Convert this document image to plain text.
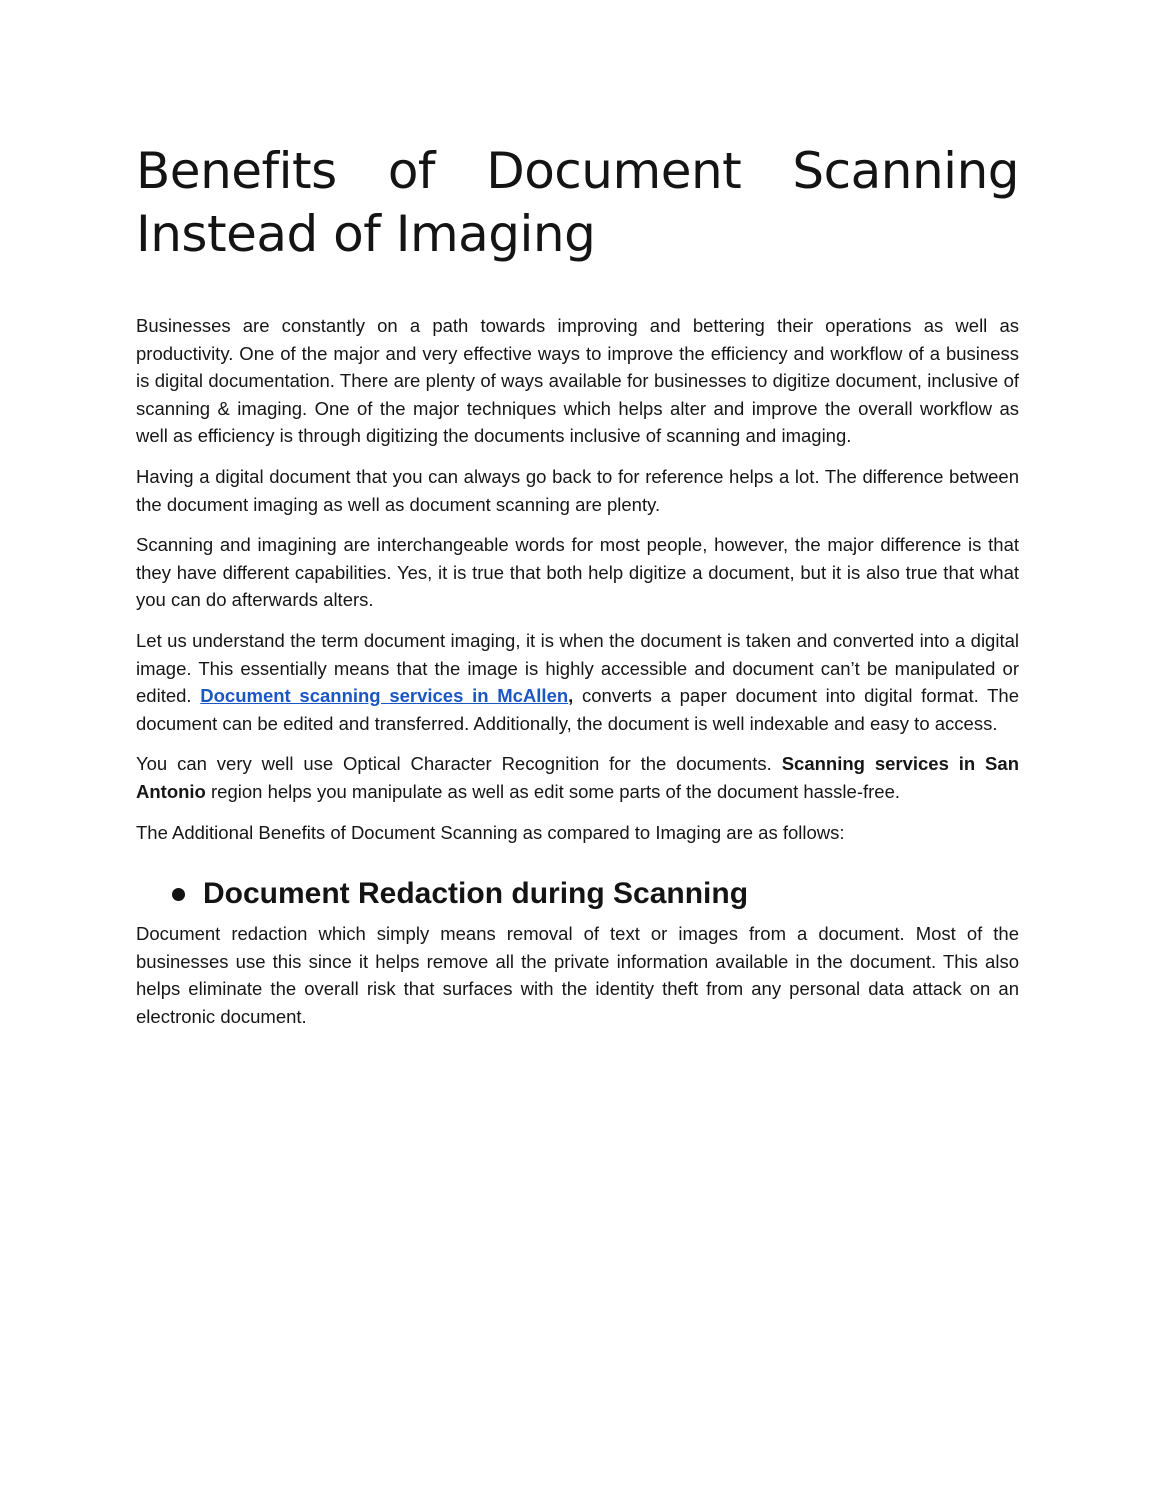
Benefits of Document Scanning Instead of Imaging

Businesses are constantly on a path towards improving and bettering their operations as well as productivity. One of the major and very effective ways to improve the efficiency and workflow of a business is digital documentation. There are plenty of ways available for businesses to digitize document, inclusive of scanning & imaging. One of the major techniques which helps alter and improve the overall workflow as well as efficiency is through digitizing the documents inclusive of scanning and imaging.

Having a digital document that you can always go back to for reference helps a lot. The difference between the document imaging as well as document scanning are plenty.

Scanning and imagining are interchangeable words for most people, however, the major difference is that they have different capabilities. Yes, it is true that both help digitize a document, but it is also true that what you can do afterwards alters.

Let us understand the term document imaging, it is when the document is taken and converted into a digital image. This essentially means that the image is highly accessible and document can’t be manipulated or edited. Document scanning services in McAllen, converts a paper document into digital format. The document can be edited and transferred. Additionally, the document is well indexable and easy to access.

You can very well use Optical Character Recognition for the documents. Scanning services in San Antonio region helps you manipulate as well as edit some parts of the document hassle-free.

The Additional Benefits of Document Scanning as compared to Imaging are as follows:

Document Redaction during Scanning

Document redaction which simply means removal of text or images from a document. Most of the businesses use this since it helps remove all the private information available in the document. This also helps eliminate the overall risk that surfaces with the identity theft from any personal data attack on an electronic document.
